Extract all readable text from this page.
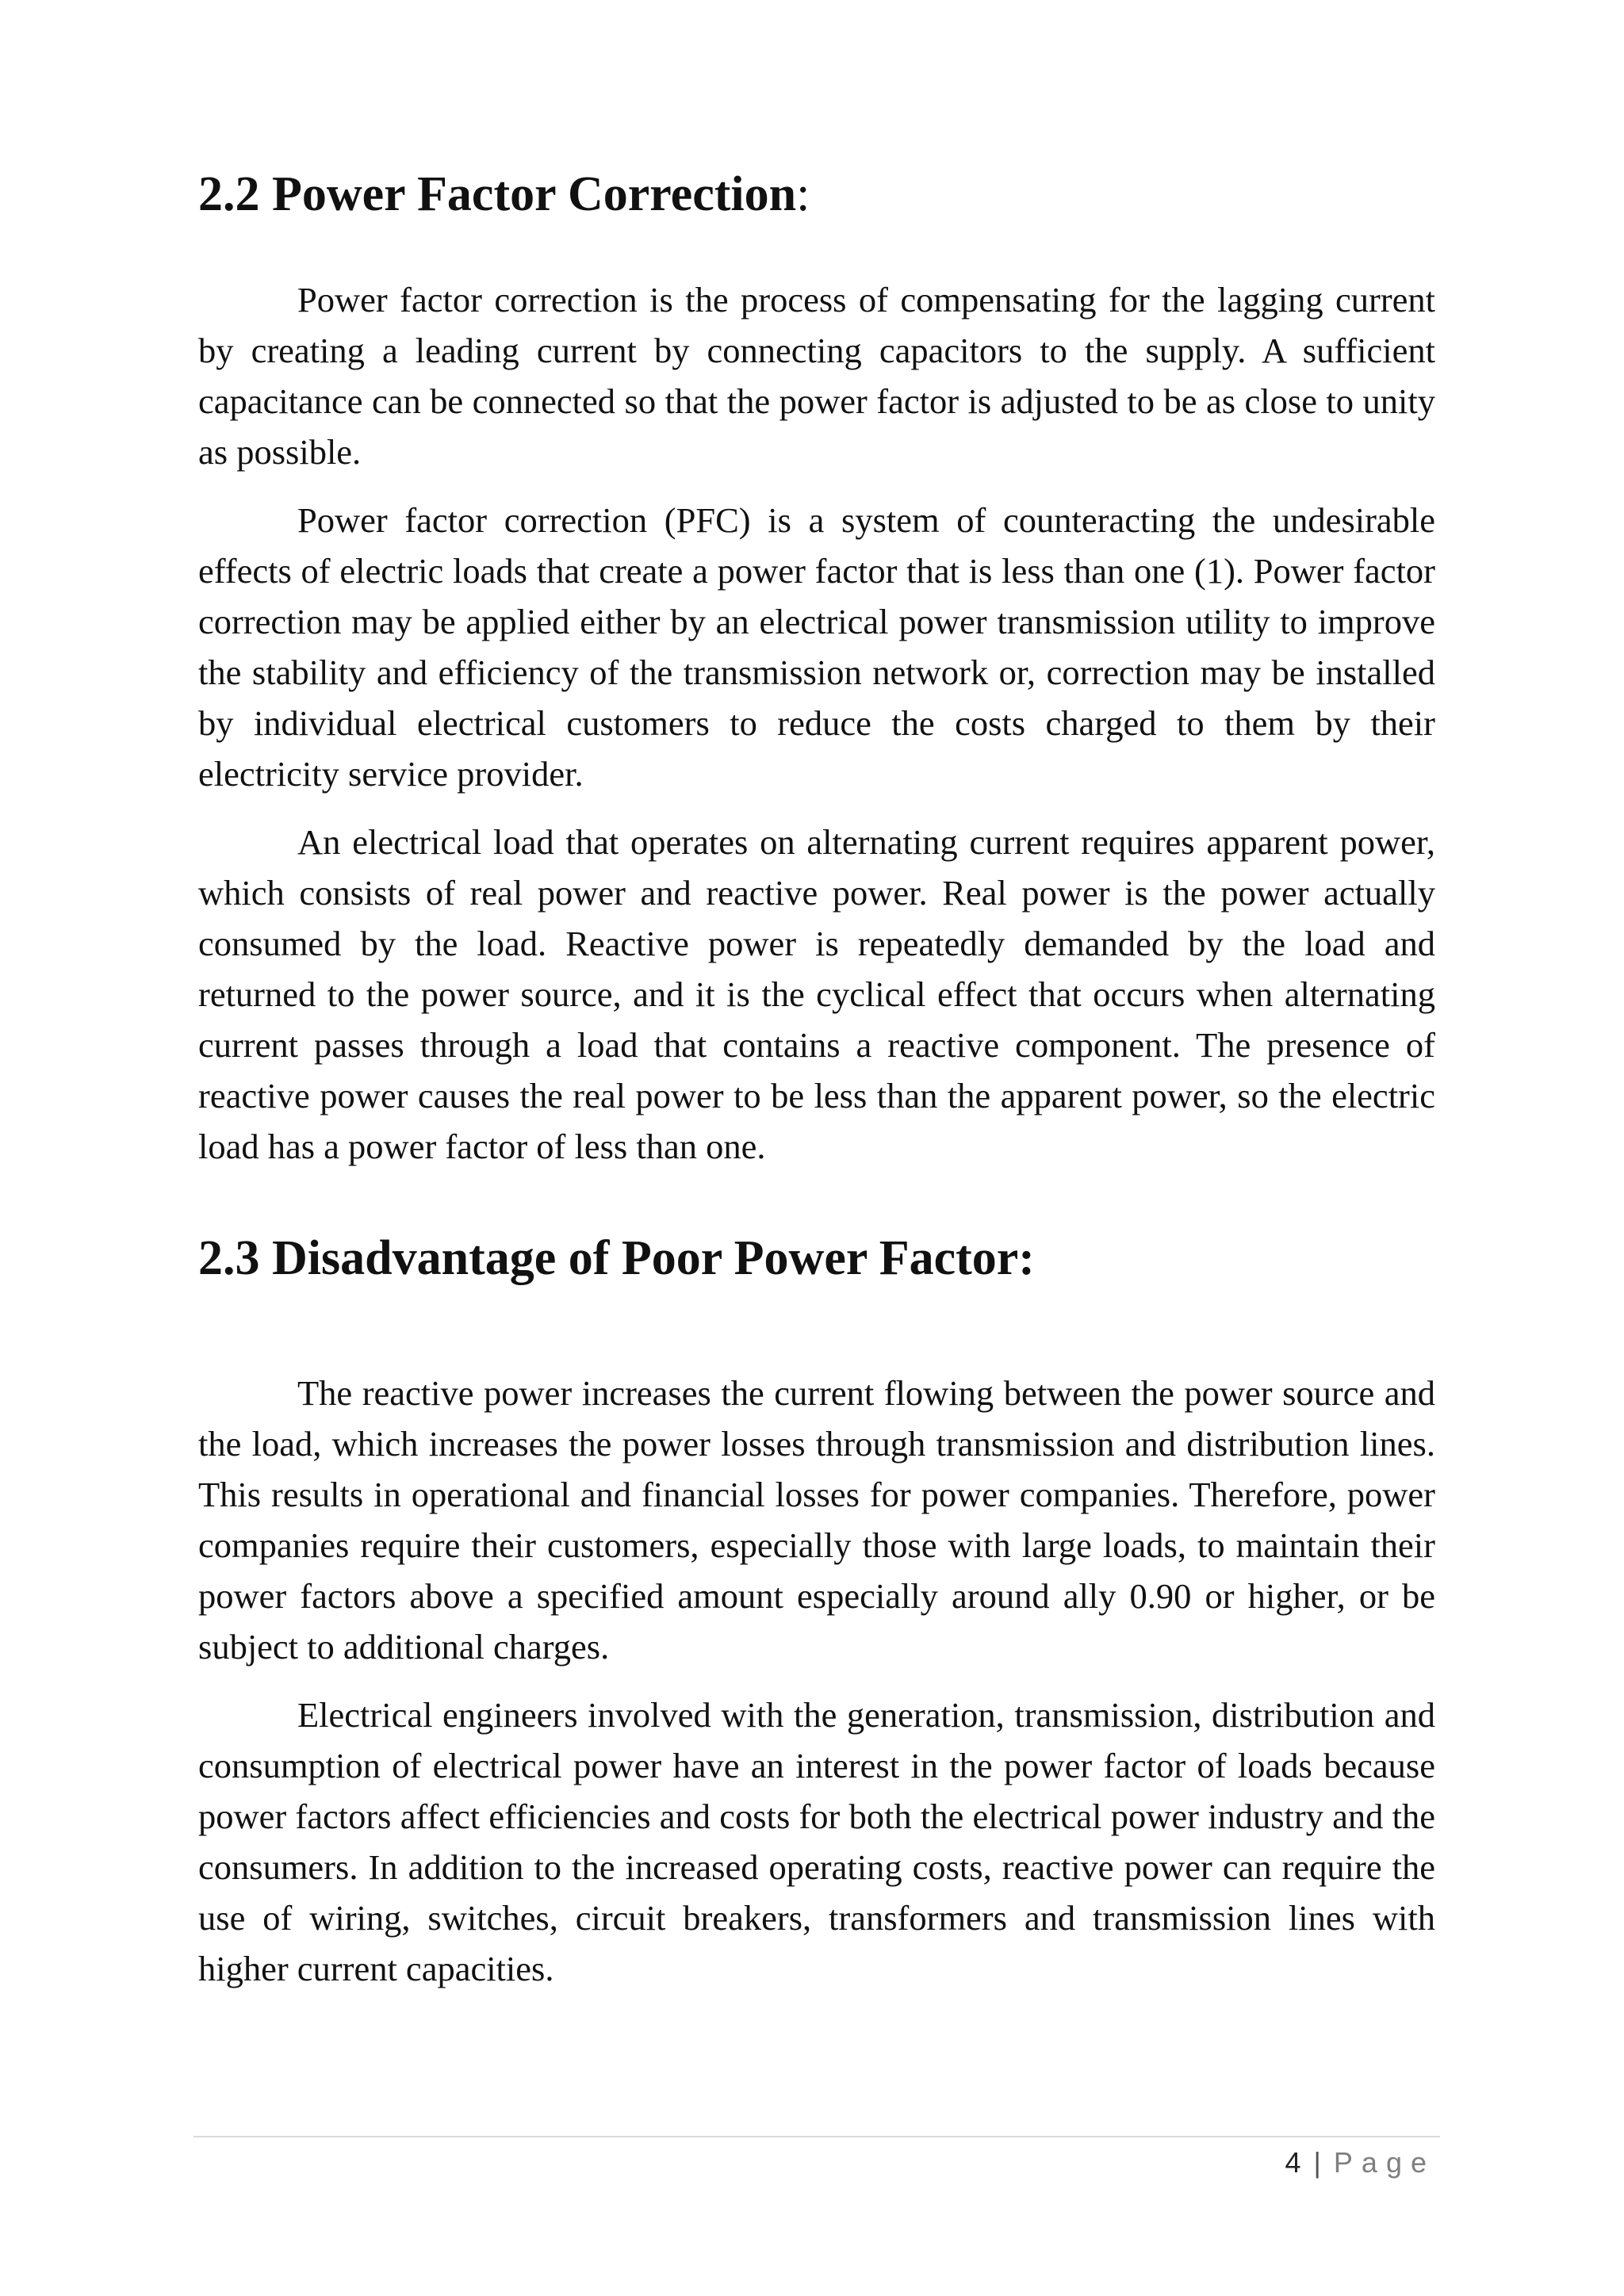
2.2 Power Factor Correction:

Power factor correction is the process of compensating for the lagging current by creating a leading current by connecting capacitors to the supply. A sufficient capacitance can be connected so that the power factor is adjusted to be as close to unity as possible.

Power factor correction (PFC) is a system of counteracting the undesirable effects of electric loads that create a power factor that is less than one (1). Power factor correction may be applied either by an electrical power transmission utility to improve the stability and efficiency of the transmission network or, correction may be installed by individual electrical customers to reduce the costs charged to them by their electricity service provider.

An electrical load that operates on alternating current requires apparent power, which consists of real power and reactive power. Real power is the power actually consumed by the load. Reactive power is repeatedly demanded by the load and returned to the power source, and it is the cyclical effect that occurs when alternating current passes through a load that contains a reactive component. The presence of reactive power causes the real power to be less than the apparent power, so the electric load has a power factor of less than one.

2.3 Disadvantage of Poor Power Factor:

The reactive power increases the current flowing between the power source and the load, which increases the power losses through transmission and distribution lines. This results in operational and financial losses for power companies. Therefore, power companies require their customers, especially those with large loads, to maintain their power factors above a specified amount especially around ally 0.90 or higher, or be subject to additional charges.

Electrical engineers involved with the generation, transmission, distribution and consumption of electrical power have an interest in the power factor of loads because power factors affect efficiencies and costs for both the electrical power industry and the consumers. In addition to the increased operating costs, reactive power can require the use of wiring, switches, circuit breakers, transformers and transmission lines with higher current capacities.

4 | Page
